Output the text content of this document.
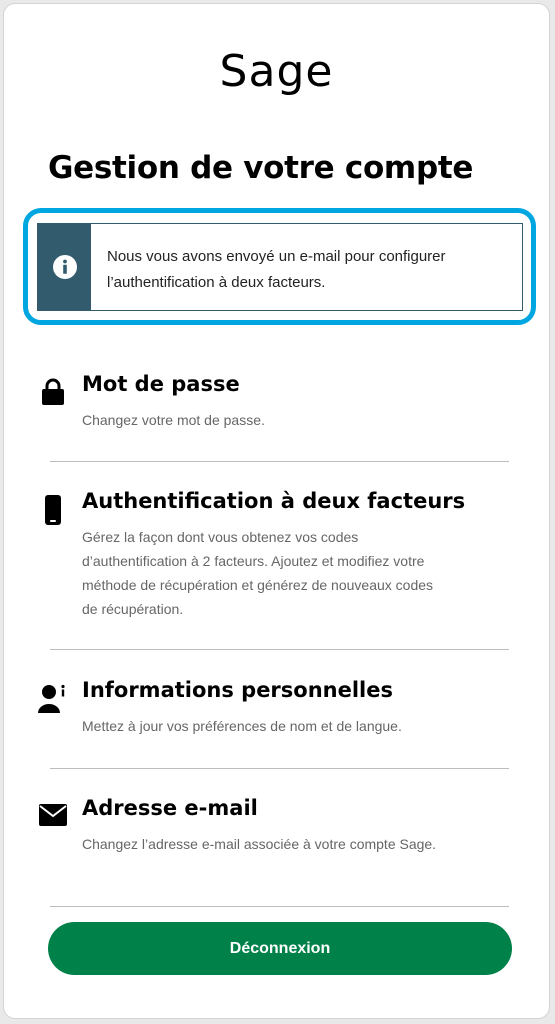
Sage
Gestion de votre compte
Nous vous avons envoyé un e-mail pour configurer
l’authentification à deux facteurs.
Mot de passe
Changez votre mot de passe.
Authentification à deux facteurs
Gérez la façon dont vous obtenez vos codes d’authentification à 2 facteurs. Ajoutez et modifiez votre méthode de récupération et générez de nouveaux codes de récupération.
Informations personnelles
Mettez à jour vos préférences de nom et de langue.
Adresse e-mail
Changez l’adresse e-mail associée à votre compte Sage.
Déconnexion
